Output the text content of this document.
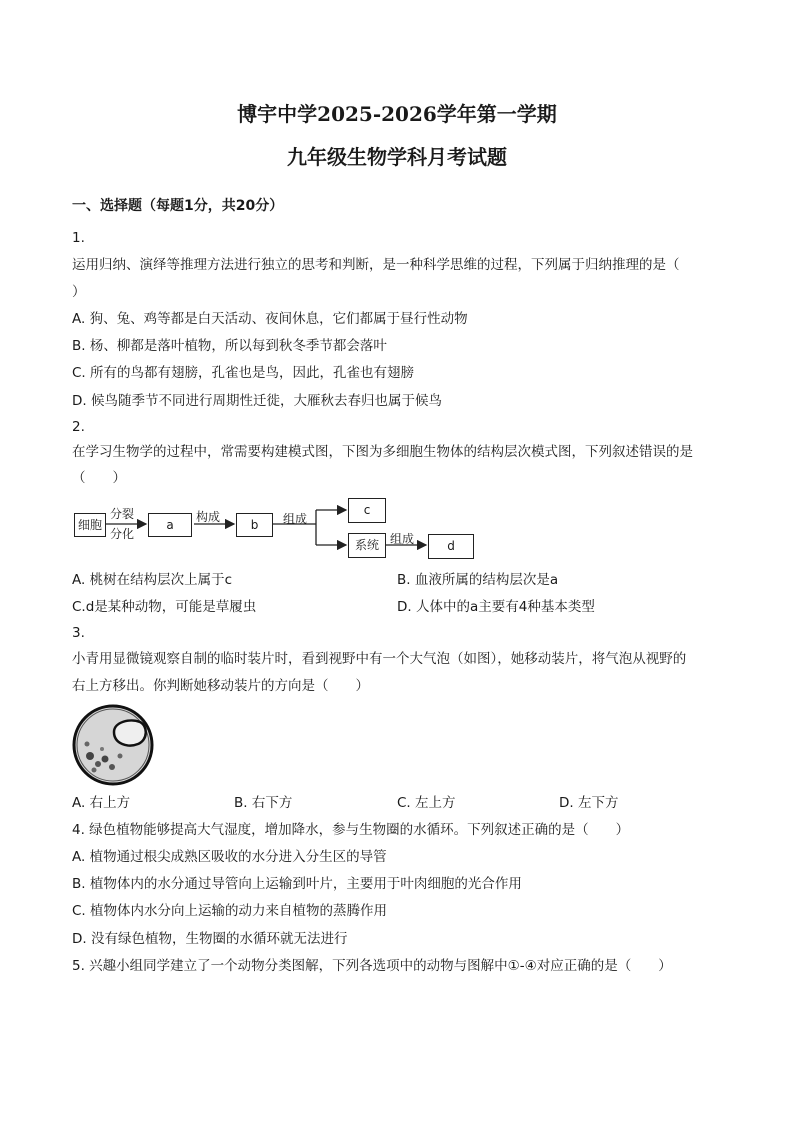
博宇中学2025-2026学年第一学期
九年级生物学科月考试题
一、选择题（每题1分，共20分）
1.
运用归纳、演绎等推理方法进行独立的思考和判断，是一种科学思维的过程，下列属于归纳推理的是（
）
A. 狗、兔、鸡等都是白天活动、夜间休息，它们都属于昼行性动物
B. 杨、柳都是落叶植物，所以每到秋冬季节都会落叶
C. 所有的鸟都有翅膀，孔雀也是鸟，因此，孔雀也有翅膀
D. 候鸟随季节不同进行周期性迁徙，大雁秋去春归也属于候鸟
2.
在学习生物学的过程中，常需要构建模式图，下图为多细胞生物体的结构层次模式图，下列叙述错误的是
（　　）
细胞
分裂
分化
a
构成
b	组成
c
系统 组成	d
A. 桃树在结构层次上属于c	B. 血液所属的结构层次是a
C.d是某种动物，可能是草履虫	D. 人体中的a主要有4种基本类型
3.
小青用显微镜观察自制的临时装片时，看到视野中有一个大气泡（如图），她移动装片，将气泡从视野的
右上方移出。你判断她移动装片的方向是（　　）
A. 右上方	B. 右下方	C. 左上方	D. 左下方
4. 绿色植物能够提高大气湿度，增加降水，参与生物圈的水循环。下列叙述正确的是（　　）
A. 植物通过根尖成熟区吸收的水分进入分生区的导管
B. 植物体内的水分通过导管向上运输到叶片，主要用于叶肉细胞的光合作用
C. 植物体内水分向上运输的动力来自植物的蒸腾作用
D. 没有绿色植物，生物圈的水循环就无法进行
5. 兴趣小组同学建立了一个动物分类图解，下列各选项中的动物与图解中①-④对应正确的是（　　）
